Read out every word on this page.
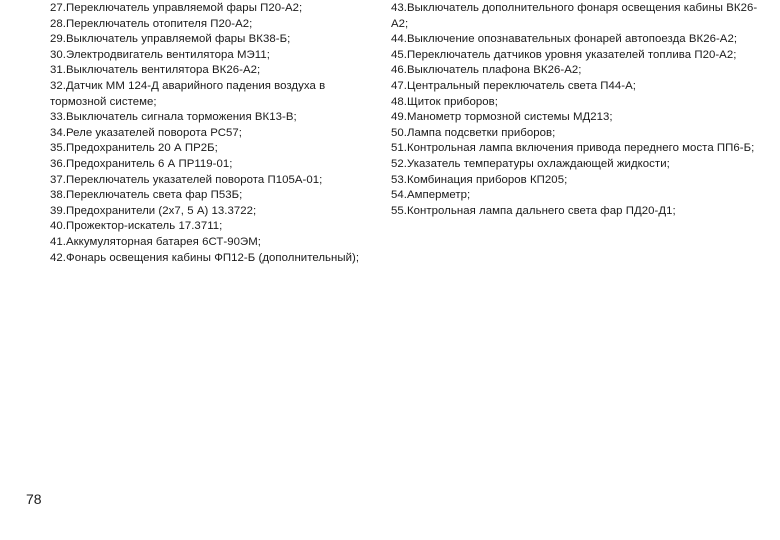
27.Переключатель управляемой фары П20-А2;
28.Переключатель отопителя П20-А2;
29.Выключатель управляемой фары ВК38-Б;
30.Электродвигатель вентилятора МЭ11;
31.Выключатель вентилятора ВК26-А2;
32.Датчик ММ 124-Д аварийного падения воздуха в тормозной системе;
33.Выключатель сигнала торможения ВК13-В;
34.Реле указателей поворота РС57;
35.Предохранитель 20 А ПР2Б;
36.Предохранитель 6 А ПР119-01;
37.Переключатель указателей поворота П105А-01;
38.Переключатель света фар П53Б;
39.Предохранители (2х7, 5 А) 13.3722;
40.Прожектор-искатель 17.3711;
41.Аккумуляторная батарея 6СТ-90ЭМ;
42.Фонарь освещения кабины ФП12-Б (дополнительный);
43.Выключатель дополнительного фонаря освещения кабины ВК26-А2;
44.Выключение опознавательных фонарей автопоезда ВК26-А2;
45.Переключатель датчиков уровня указателей топлива П20-А2;
46.Выключатель плафона ВК26-А2;
47.Центральный переключатель света П44-А;
48.Щиток приборов;
49.Манометр тормозной системы МД213;
50.Лампа подсветки приборов;
51.Контрольная лампа включения привода переднего моста ПП6-Б;
52.Указатель температуры охлаждающей жидкости;
53.Комбинация приборов КП205;
54.Амперметр;
55.Контрольная лампа дальнего света фар ПД20-Д1;
78
